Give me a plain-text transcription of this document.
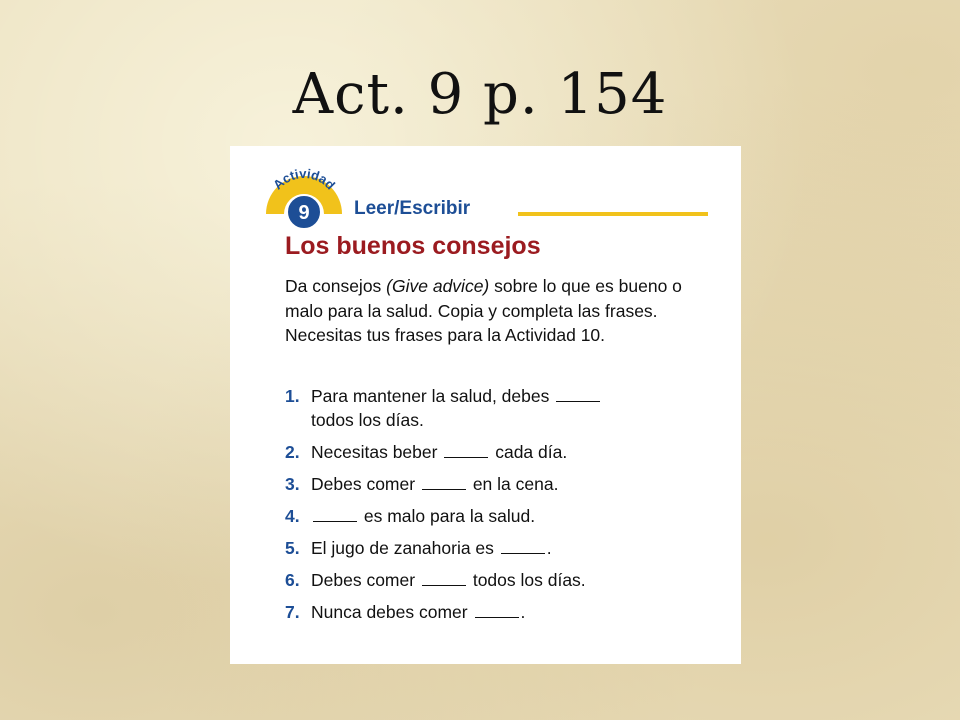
Act. 9 p. 154
Actividad
9 Leer/Escribir
Los buenos consejos
Da consejos (Give advice) sobre lo que es bueno o malo para la salud. Copia y completa las frases. Necesitas tus frases para la Actividad 10.
1. Para mantener la salud, debes
todos los días.
2. Necesitas beber	cada día.
3. Debes comer	en la cena.
4.	es malo para la salud.
5. El jugo de zanahoria es	.
6. Debes comer	todos los días.
7. Nunca debes comer	.
